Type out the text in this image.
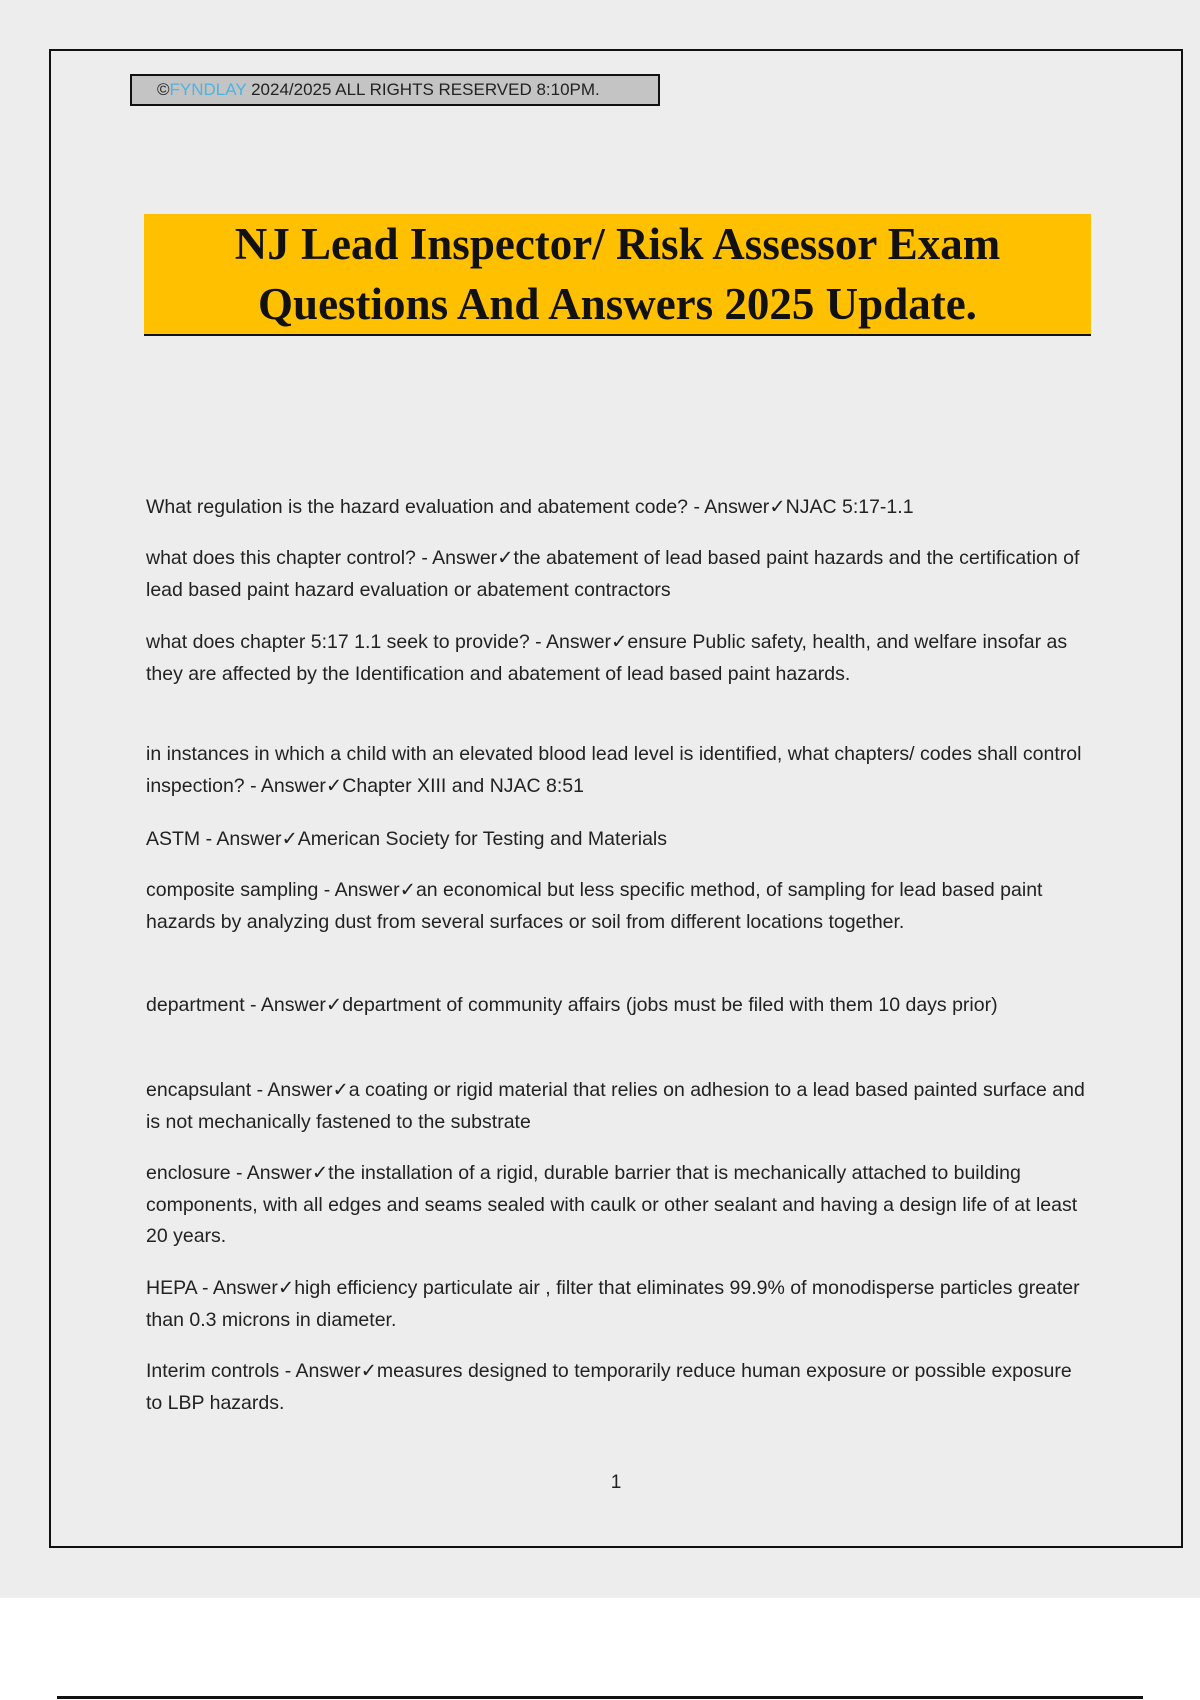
©FYNDLAY 2024/2025 ALL RIGHTS RESERVED 8:10PM.
NJ Lead Inspector/ Risk Assessor Exam
Questions And Answers 2025 Update.
What regulation is the hazard evaluation and abatement code? - Answer✓NJAC 5:17-1.1
what does this chapter control? - Answer✓the abatement of lead based paint hazards and the certification of lead based paint hazard evaluation or abatement contractors
what does chapter 5:17 1.1 seek to provide? - Answer✓ensure Public safety, health, and welfare insofar as they are affected by the Identification and abatement of lead based paint hazards.
in instances in which a child with an elevated blood lead level is identified, what chapters/ codes shall control inspection? - Answer✓Chapter XIII and NJAC 8:51
ASTM - Answer✓American Society for Testing and Materials
composite sampling - Answer✓an economical but less specific method, of sampling for lead based paint hazards by analyzing dust from several surfaces or soil from different locations together.
department - Answer✓department of community affairs (jobs must be filed with them 10 days prior)
encapsulant - Answer✓a coating or rigid material that relies on adhesion to a lead based painted surface and is not mechanically fastened to the substrate
enclosure - Answer✓the installation of a rigid, durable barrier that is mechanically attached to building components, with all edges and seams sealed with caulk or other sealant and having a design life of at least 20 years.
HEPA - Answer✓high efficiency particulate air , filter that eliminates 99.9% of monodisperse particles greater than 0.3 microns in diameter.
Interim controls - Answer✓measures designed to temporarily reduce human exposure or possible exposure to LBP hazards.
1
